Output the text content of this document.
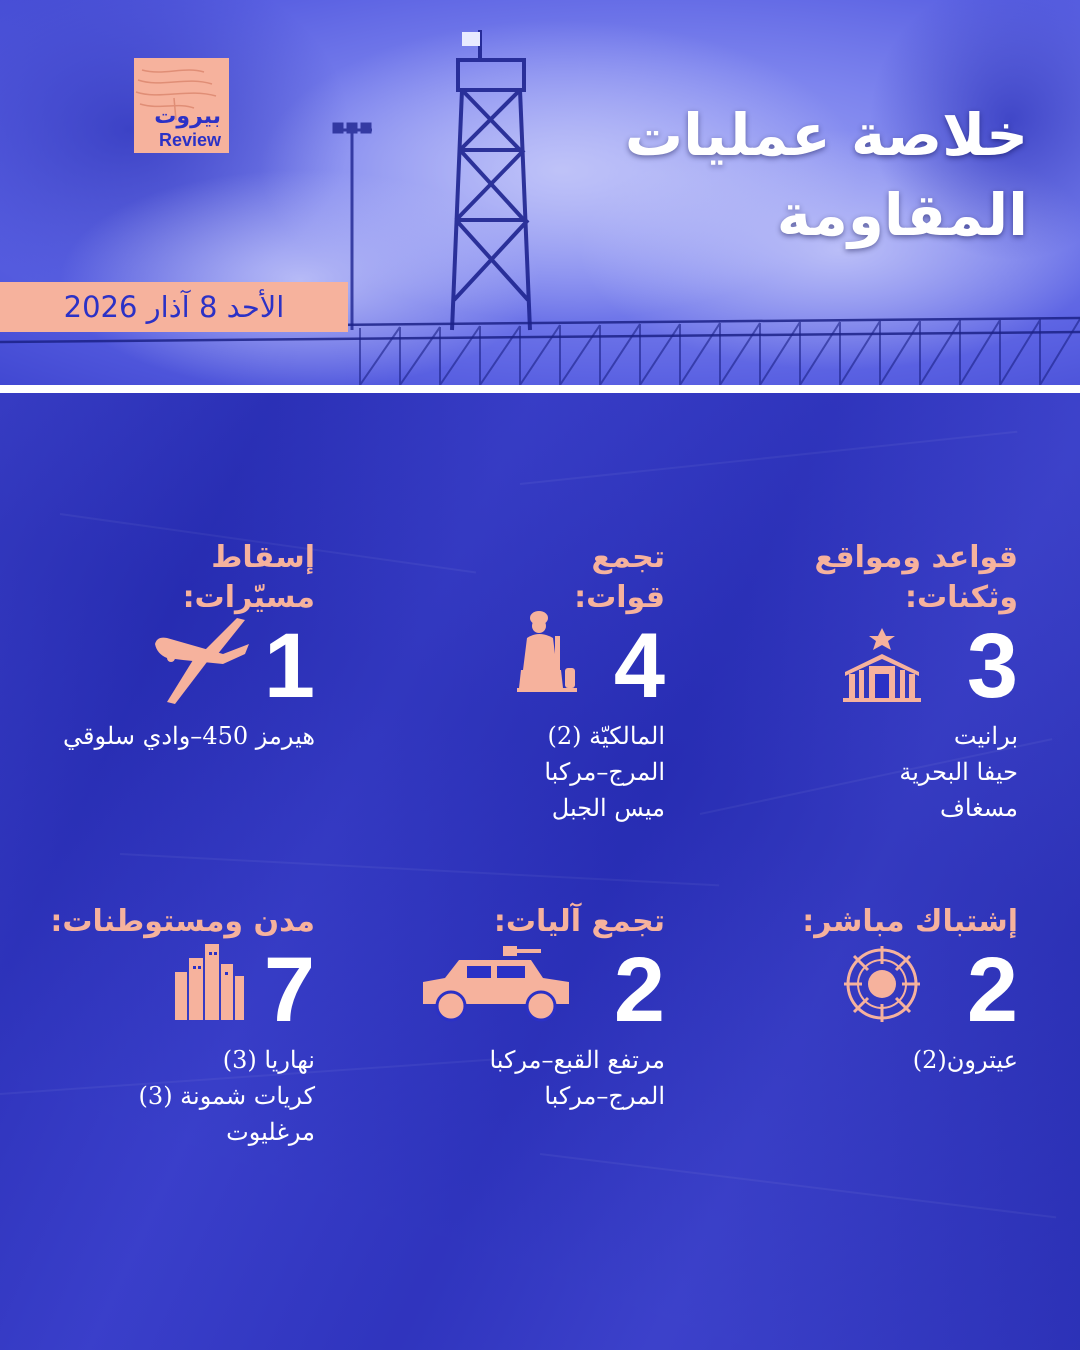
بيروت
Review	خلاصة عمليات
المقاومة
الأحد 8 آذار 2026
قواعد ومواقع
وثكنات:
3
برانيت
حيفا البحرية
مسغاف
تجمع
قوات:
4
المالكيّة (2)
المرج–مركبا
ميس الجبل
إسقاط
مسيّرات:
1
هيرمز 450–وادي سلوقي
إشتباك مباشر:
2
عيترون(2)
تجمع آليات:
2
مرتفع القبع–مركبا
المرج–مركبا
مدن ومستوطنات:
7
نهاريا (3)
كريات شمونة (3)
مرغليوت
